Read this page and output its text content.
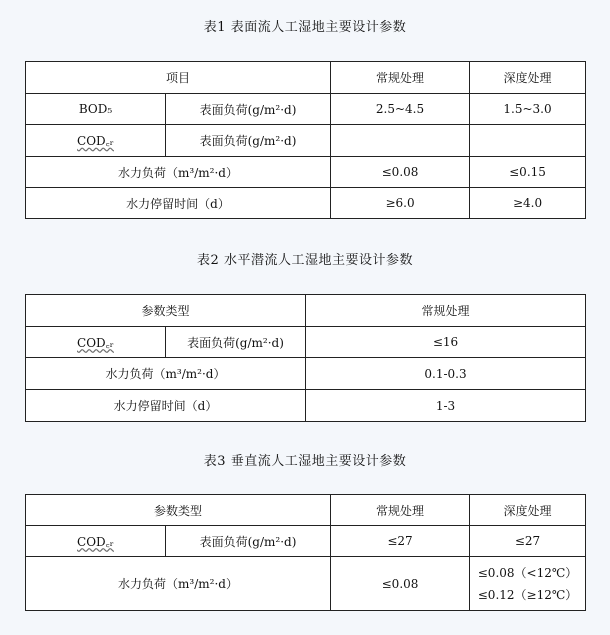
表1 表面流人工湿地主要设计参数
项目		常规处理	深度处理
BOD₅	表面负荷(g/m²·d)	2.5~4.5	1.5~3.0
COD꜀ᵣ	表面负荷(g/m²·d)		
水力负荷（m³/m²·d）		≤0.08	≤0.15
水力停留时间（d）		≥6.0	≥4.0
表2 水平潜流人工湿地主要设计参数
参数类型		常规处理
COD꜀ᵣ	表面负荷(g/m²·d)	≤16
水力负荷（m³/m²·d）		0.1-0.3
水力停留时间（d）		1-3
表3 垂直流人工湿地主要设计参数
参数类型		常规处理	深度处理
COD꜀ᵣ	表面负荷(g/m²·d)	≤27	≤27
水力负荷（m³/m²·d）		≤0.08	≤0.08（<12℃）
≤0.12（≥12℃）
